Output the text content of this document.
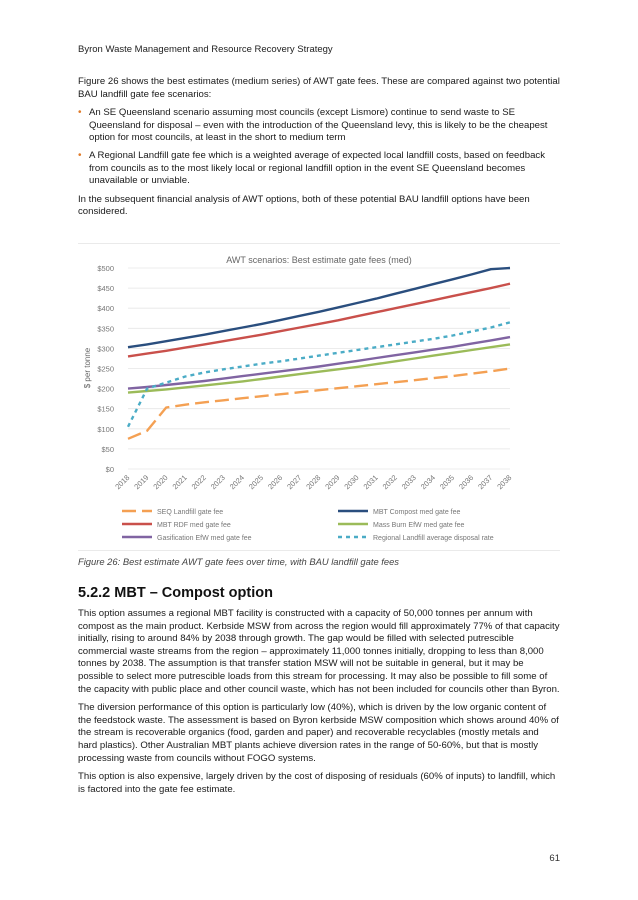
Byron Waste Management and Resource Recovery Strategy

Figure 26 shows the best estimates (medium series) of AWT gate fees. These are compared against two potential BAU landfill gate fee scenarios:

• An SE Queensland scenario assuming most councils (except Lismore) continue to send waste to SE Queensland for disposal – even with the introduction of the Queensland levy, this is likely to be the cheapest option for most councils, at least in the short to medium term
• A Regional Landfill gate fee which is a weighted average of expected local landfill costs, based on feedback from councils as to the most likely local or regional landfill option in the event SE Queensland becomes unavailable or unviable.

In the subsequent financial analysis of AWT options, both of these potential BAU landfill options have been considered.

AWT scenarios: Best estimate gate fees (med)
$ per tonne
$0
$50
$100
$150
$200
$250
$300
$350
$400
$450
$500
2018 2019 2020 2021 2022 2023 2024 2025 2026 2027 2028 2029 2030 2031 2032 2033 2034 2035 2036 2037 2038
SEQ Landfill gate fee	MBT Compost med gate fee
MBT RDF med gate fee	Mass Burn EfW med gate fee
Gasification EfW med gate fee	Regional Landfill average disposal rate
Figure 26: Best estimate AWT gate fees over time, with BAU landfill gate fees
5.2.2 MBT – Compost option

This option assumes a regional MBT facility is constructed with a capacity of 50,000 tonnes per annum with compost as the main product. Kerbside MSW from across the region would fill approximately 77% of that capacity initially, rising to around 84% by 2038 through growth. The gap would be filled with selected putrescible commercial waste streams from the region – approximately 11,000 tonnes initially, dropping to less than 8,000 tonnes by 2038. The assumption is that transfer station MSW will not be suitable in general, but it may be possible to select more putrescible loads from this stream for processing. It may also be possible to fill some of the capacity with public place and other council waste, which has not been included for councils other than Byron.

The diversion performance of this option is particularly low (40%), which is driven by the low organic content of the feedstock waste. The assessment is based on Byron kerbside MSW composition which shows around 40% of the stream is recoverable organics (food, garden and paper) and recoverable recyclables (mostly metals and hard plastics). Other Australian MBT plants achieve diversion rates in the range of 50-60%, but that is mostly processing waste from councils without FOGO systems.

This option is also expensive, largely driven by the cost of disposing of residuals (60% of inputs) to landfill, which is factored into the gate fee estimate.

61
